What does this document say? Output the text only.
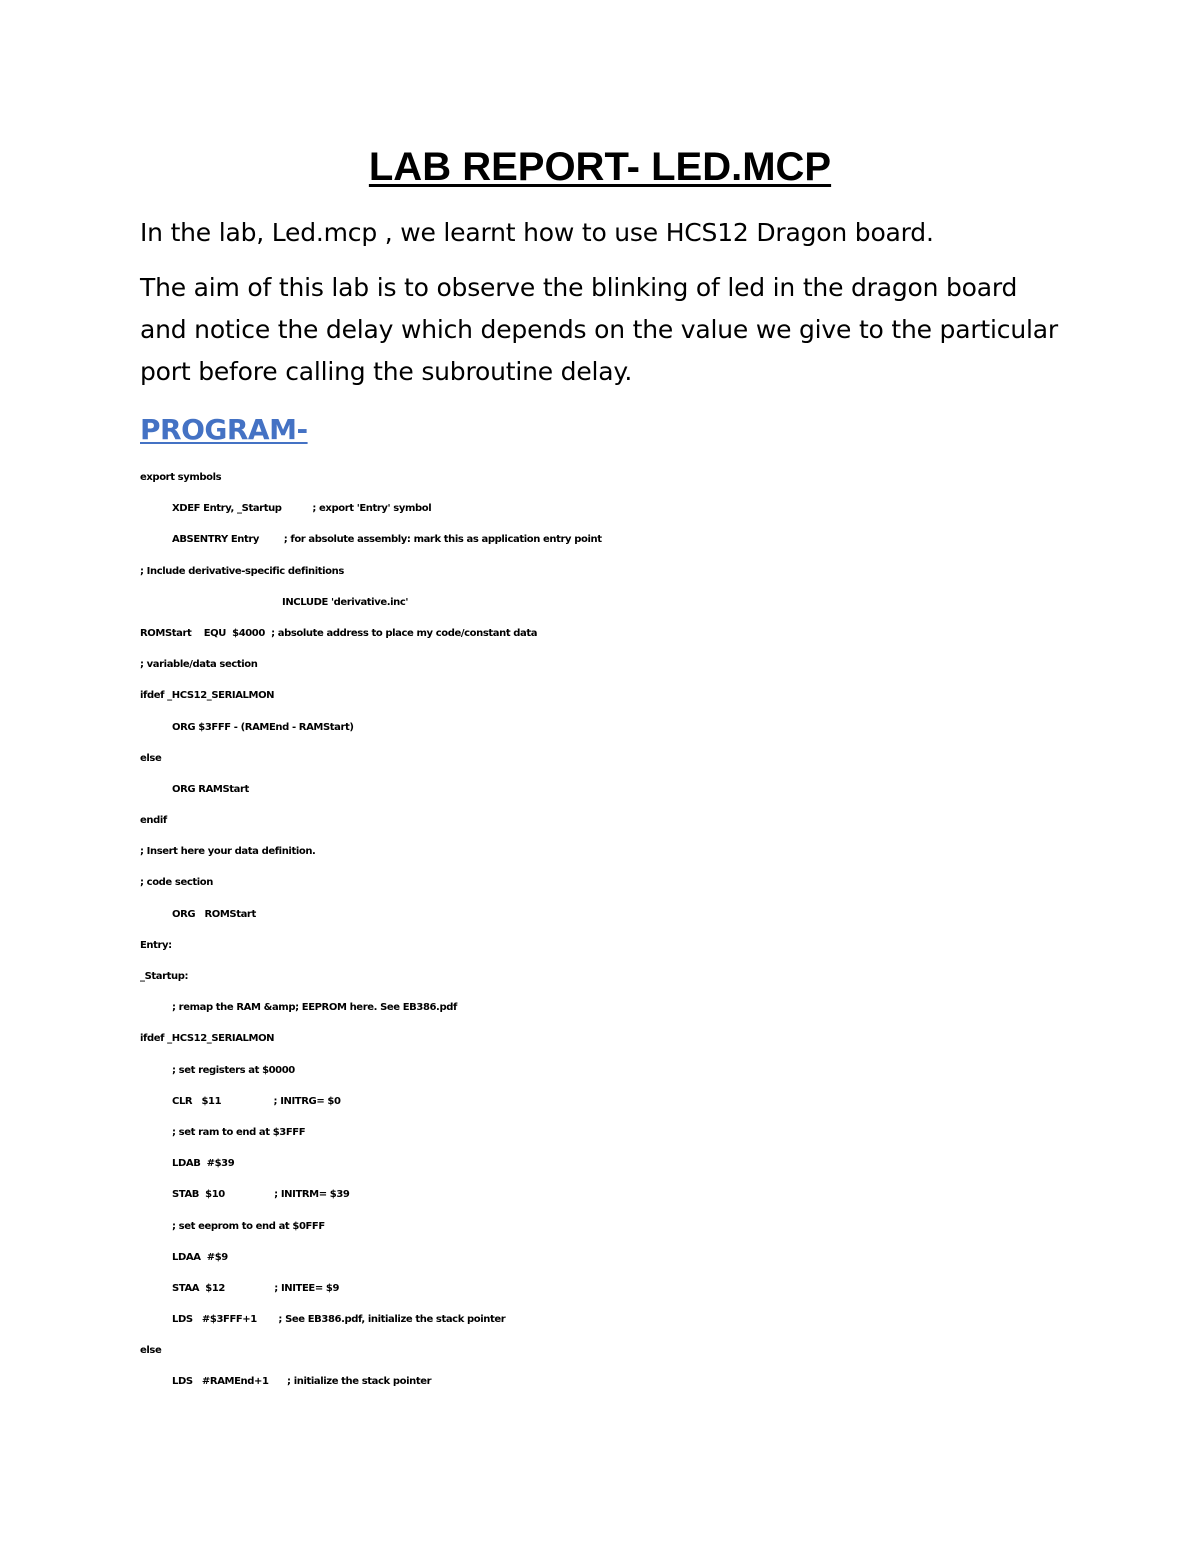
LAB REPORT- LED.MCP

In the lab, Led.mcp , we learnt how to use HCS12 Dragon board.

The aim of this lab is to observe the blinking of led in the dragon board and notice the delay which depends on the value we give to the particular port before calling the subroutine delay.

PROGRAM-
export symbols
XDEF Entry, _Startup          ; export 'Entry' symbol
ABSENTRY Entry        ; for absolute assembly: mark this as application entry point
; Include derivative-specific definitions
INCLUDE 'derivative.inc'
ROMStart    EQU  $4000  ; absolute address to place my code/constant data
; variable/data section
ifdef _HCS12_SERIALMON
ORG $3FFF - (RAMEnd - RAMStart)
else
ORG RAMStart
endif
; Insert here your data definition.
; code section
ORG   ROMStart
Entry:
_Startup:
; remap the RAM &amp; EEPROM here. See EB386.pdf
ifdef _HCS12_SERIALMON
; set registers at $0000
CLR   $11                 ; INITRG= $0
; set ram to end at $3FFF
LDAB  #$39
STAB  $10                ; INITRM= $39
; set eeprom to end at $0FFF
LDAA  #$9
STAA  $12                ; INITEE= $9
LDS   #$3FFF+1       ; See EB386.pdf, initialize the stack pointer
else
LDS   #RAMEnd+1      ; initialize the stack pointer
